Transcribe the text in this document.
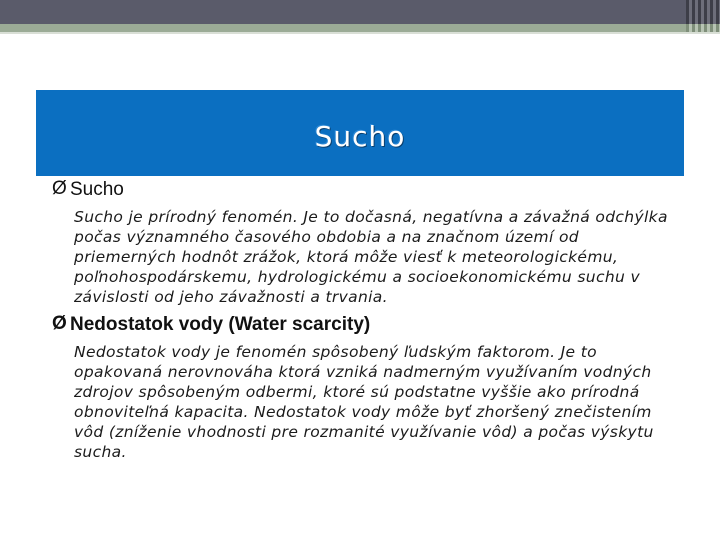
Sucho
Ø Sucho
Sucho je prírodný fenomén. Je to dočasná, negatívna a závažná odchýlka počas významného časového obdobia a na značnom území od priemerných hodnôt zrážok, ktorá môže viesť k meteorologickému, poľnohospodárskemu, hydrologickému a socioekonomickému suchu v závislosti od jeho závažnosti a trvania.
Ø Nedostatok vody (Water scarcity)
Nedostatok vody je fenomén spôsobený ľudským faktorom. Je to opakovaná nerovnováha ktorá vzniká nadmerným využívaním vodných zdrojov spôsobeným odbermi, ktoré sú podstatne vyššie ako prírodná obnoviteľná kapacita. Nedostatok vody môže byť zhoršený znečistením vôd (zníženie vhodnosti pre rozmanité využívanie vôd) a počas výskytu sucha.
